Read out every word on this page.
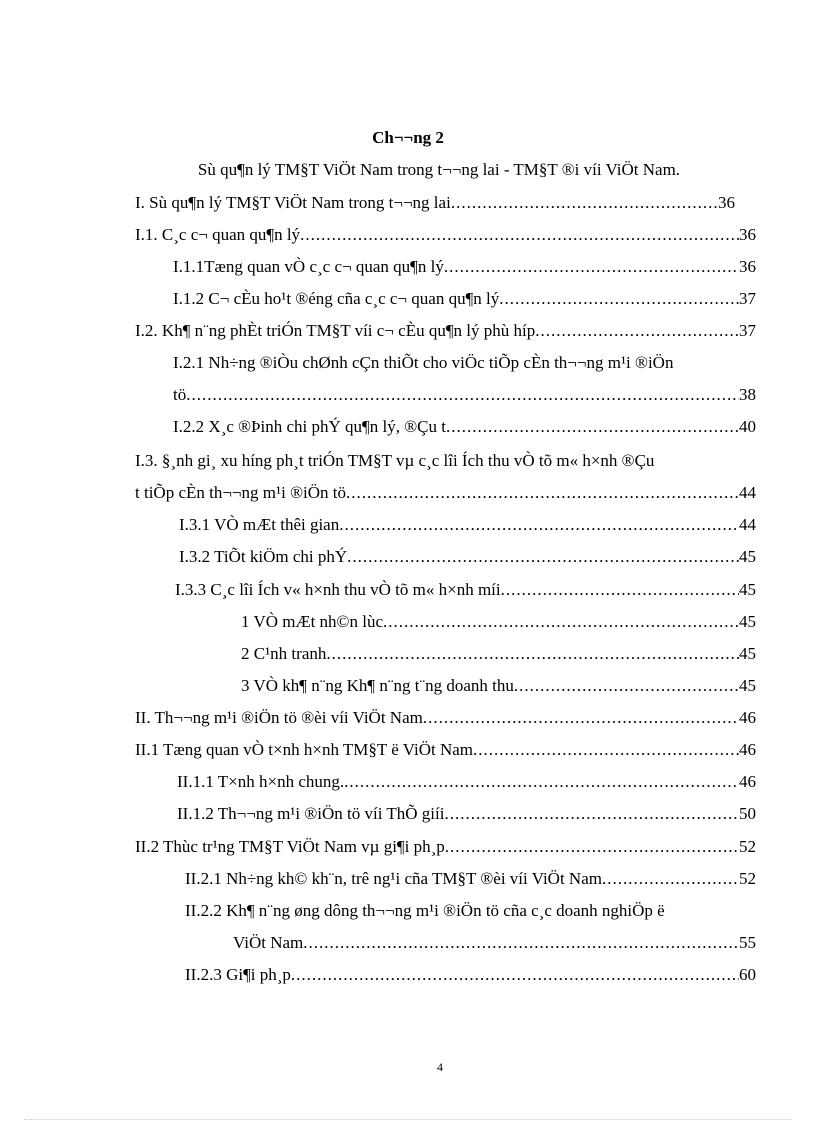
Ch¬¬ng 2
Sù qu¶n lý TM§T ViÖt Nam trong t¬¬ng lai - TM§T ®i víi ViÖt Nam.
I. Sù qu¶n lý TM§T ViÖt Nam trong t¬¬ng lai .....	36
I.1. C¸c c¬ quan qu¶n lý .....	36
I.1.1Tæng quan vÒ c¸c c¬ quan qu¶n lý .....	36
I.1.2 C¬ cÈu ho¹t ®éng cña c¸c c¬ quan qu¶n lý .....	37
I.2. Kh¶ n¨ng phÈt triÓn TM§T víi c¬ cÈu qu¶n lý phù híp .....	37
I.2.1 Nh÷ng ®iÒu chØnh cÇn thiÕt cho viÖc tiÕp cÈn th¬¬ng m¹i ®iÖn
tö .....	38
I.2.2 X¸c ®Þinh chi phÝ qu¶n lý, ®Çu t .....	40
I.3. §¸nh gi¸ xu híng ph¸t triÓn TM§T vµ c¸c lîi Ích thu vÒ tõ m« h×nh ®Çu
t tiÕp cÈn th¬¬ng m¹i ®iÖn tö .....	44
I.3.1 VÒ mÆt thêi gian .....	44
I.3.2 TiÕt kiÖm chi phÝ .....	45
I.3.3 C¸c lîi Ích v« h×nh thu vÒ tõ m« h×nh míi .....	45
1 VÒ mÆt nh©n lùc .....	45
2 C¹nh tranh .....	45
3 VÒ kh¶ n¨ng Kh¶ n¨ng t¨ng doanh thu .....	45
II. Th¬¬ng m¹i ®iÖn tö ®èi víi ViÖt Nam .....	46
II.1 Tæng quan vÒ t×nh h×nh TM§T ë ViÖt Nam .....	46
II.1.1 T×nh h×nh chung. .....	46
II.1.2 Th¬¬ng m¹i ®iÖn tö víi ThÕ giíi .....	50
II.2 Thùc tr¹ng TM§T ViÖt Nam vµ gi¶i ph¸p .....	52
II.2.1 Nh÷ng kh© kh¨n, trê ng¹i cña TM§T ®èi víi ViÖt Nam .....	52
II.2.2 Kh¶ n¨ng øng dông th¬¬ng m¹i ®iÖn tö cña c¸c doanh nghiÖp ë
ViÖt Nam .....	55
II.2.3 Gi¶i ph¸p .....	60
4
